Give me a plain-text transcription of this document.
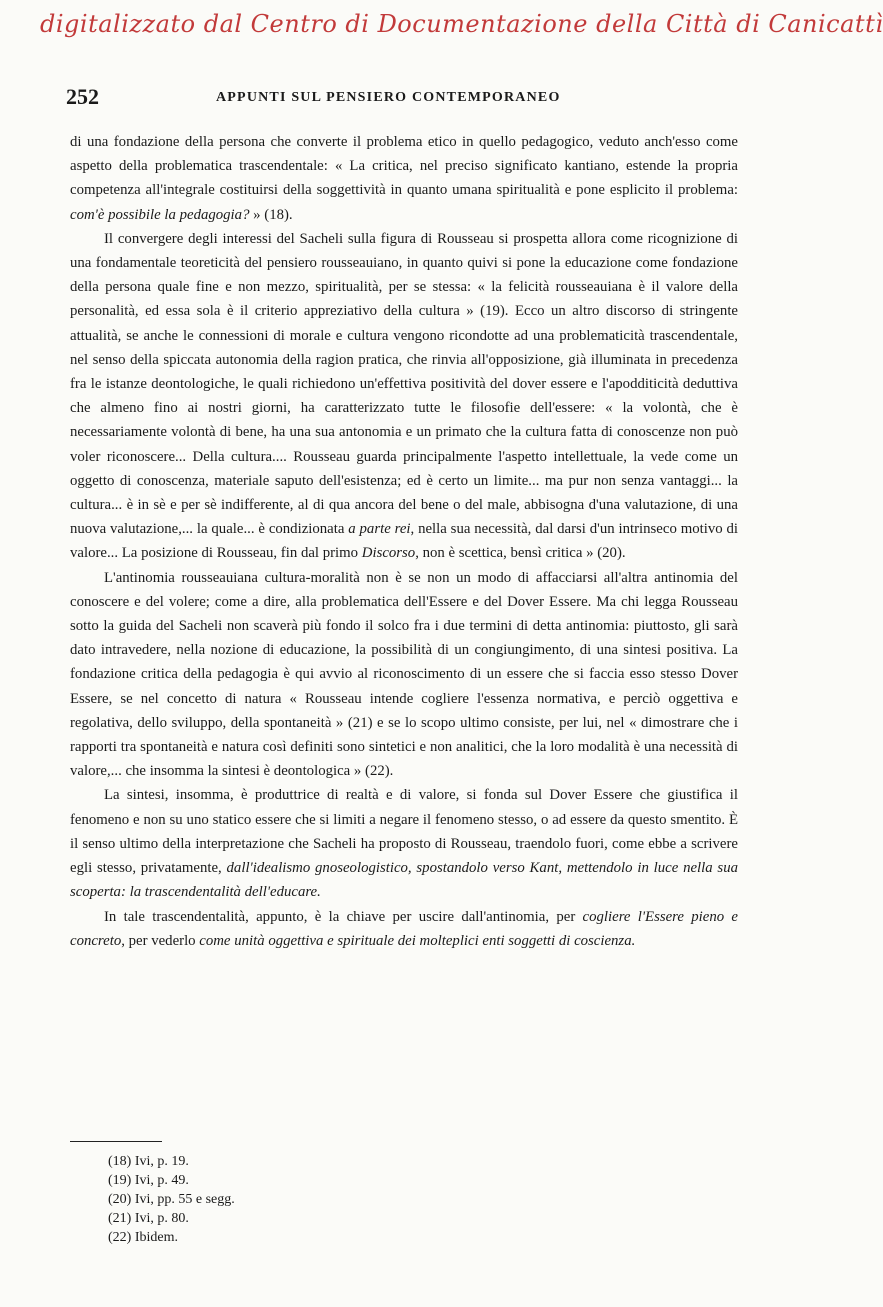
digitalizzato dal Centro di Documentazione della Città di Canicattì
252	APPUNTI SUL PENSIERO CONTEMPORANEO

di una fondazione della persona che converte il problema etico in quello pedagogico, veduto anch'esso come aspetto della problematica trascendentale: « La critica, nel preciso significato kantiano, estende la propria competenza all'integrale costituirsi della soggettività in quanto umana spiritualità e pone esplicito il problema: com'è possibile la pedagogia? » (18).

Il convergere degli interessi del Sacheli sulla figura di Rousseau si prospetta allora come ricognizione di una fondamentale teoreticità del pensiero rousseauiano, in quanto quivi si pone la educazione come fondazione della persona quale fine e non mezzo, spiritualità, per se stessa: « la felicità rousseauiana è il valore della personalità, ed essa sola è il criterio appreziativo della cultura » (19). Ecco un altro discorso di stringente attualità, se anche le connessioni di morale e cultura vengono ricondotte ad una problematicità trascendentale, nel senso della spiccata autonomia della ragion pratica, che rinvia all'opposizione, già illuminata in precedenza fra le istanze deontologiche, le quali richiedono un'effettiva positività del dover essere e l'apodditicità deduttiva che almeno fino ai nostri giorni, ha caratterizzato tutte le filosofie dell'essere: « la volontà, che è necessariamente volontà di bene, ha una sua antonomia e un primato che la cultura fatta di conoscenze non può voler riconoscere... Della cultura.... Rousseau guarda principalmente l'aspetto intellettuale, la vede come un oggetto di conoscenza, materiale saputo dell'esistenza; ed è certo un limite... ma pur non senza vantaggi... la cultura... è in sè e per sè indifferente, al di qua ancora del bene o del male, abbisogna d'una valutazione, di una nuova valutazione,... la quale... è condizionata a parte rei, nella sua necessità, dal darsi d'un intrinseco motivo di valore... La posizione di Rousseau, fin dal primo Discorso, non è scettica, bensì critica » (20).

L'antinomia rousseauiana cultura-moralità non è se non un modo di affacciarsi all'altra antinomia del conoscere e del volere; come a dire, alla problematica dell'Essere e del Dover Essere. Ma chi legga Rousseau sotto la guida del Sacheli non scaverà più fondo il solco fra i due termini di detta antinomia: piuttosto, gli sarà dato intravedere, nella nozione di educazione, la possibilità di un congiungimento, di una sintesi positiva. La fondazione critica della pedagogia è qui avvio al riconoscimento di un essere che si faccia esso stesso Dover Essere, se nel concetto di natura « Rousseau intende cogliere l'essenza normativa, e perciò oggettiva e regolativa, dello sviluppo, della spontaneità » (21) e se lo scopo ultimo consiste, per lui, nel « dimostrare che i rapporti tra spontaneità e natura così definiti sono sintetici e non analitici, che la loro modalità è una necessità di valore,... che insomma la sintesi è deontologica » (22).

La sintesi, insomma, è produttrice di realtà e di valore, si fonda sul Dover Essere che giustifica il fenomeno e non su uno statico essere che si limiti a negare il fenomeno stesso, o ad essere da questo smentito. È il senso ultimo della interpretazione che Sacheli ha proposto di Rousseau, traendolo fuori, come ebbe a scrivere egli stesso, privatamente, dall'idealismo gnoseologistico, spostandolo verso Kant, mettendolo in luce nella sua scoperta: la trascendentalità dell'educare.

In tale trascendentalità, appunto, è la chiave per uscire dall'antinomia, per cogliere l'Essere pieno e concreto, per vederlo come unità oggettiva e spirituale dei molteplici enti soggetti di coscienza.

(18) Ivi, p. 19.
(19) Ivi, p. 49.
(20) Ivi, pp. 55 e segg.
(21) Ivi, p. 80.
(22) Ibidem.
